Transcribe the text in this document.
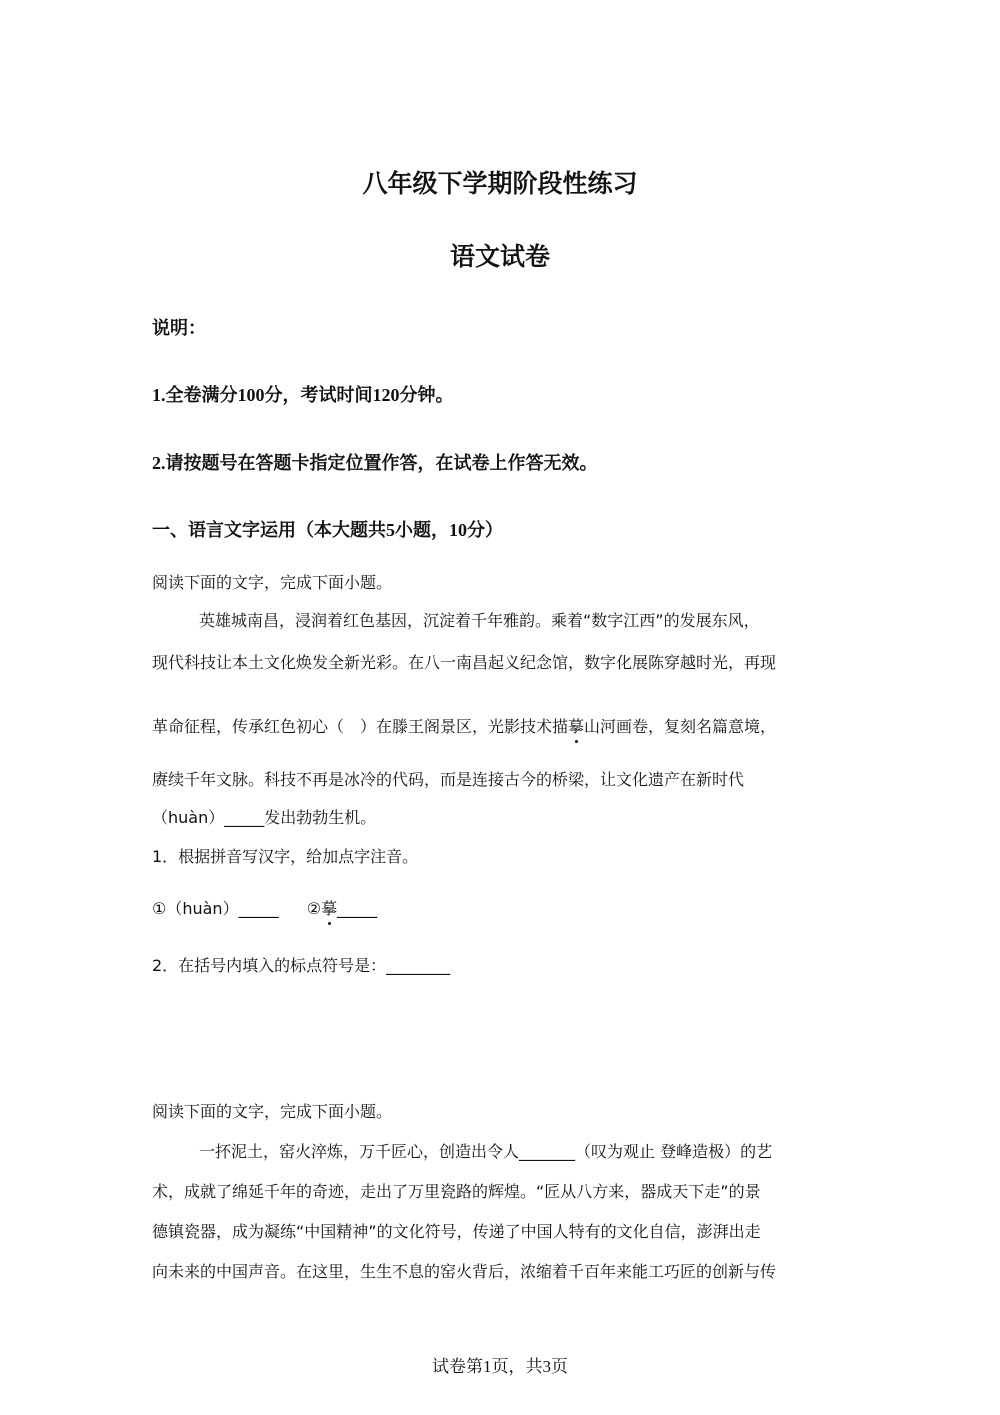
八年级下学期阶段性练习
语文试卷
说明：
1.全卷满分100分，考试时间120分钟。
2.请按题号在答题卡指定位置作答，在试卷上作答无效。
一、语言文字运用（本大题共5小题，10分）
阅读下面的文字，完成下面小题。
英雄城南昌，浸润着红色基因，沉淀着千年雅韵。乘着“数字江西”的发展东风，
现代科技让本土文化焕发全新光彩。在八一南昌起义纪念馆，数字化展陈穿越时光，再现
革命征程，传承红色初心（　）在滕王阁景区，光影技术描摹山河画卷，复刻名篇意境，
赓续千年文脉。科技不再是冰冷的代码，而是连接古今的桥梁，让文化遗产在新时代
（huàn）_____发出勃勃生机。
1．根据拼音写汉字，给加点字注音。
①（huàn）_____ ②摹_____
2．在括号内填入的标点符号是：________
阅读下面的文字，完成下面小题。
一抔泥土，窑火淬炼，万千匠心，创造出令人_______（叹为观止 登峰造极）的艺
术，成就了绵延千年的奇迹，走出了万里瓷路的辉煌。“匠从八方来，器成天下走”的景
德镇瓷器，成为凝练“中国精神”的文化符号，传递了中国人特有的文化自信，澎湃出走
向未来的中国声音。在这里，生生不息的窑火背后，浓缩着千百年来能工巧匠的创新与传
试卷第1页，共3页
